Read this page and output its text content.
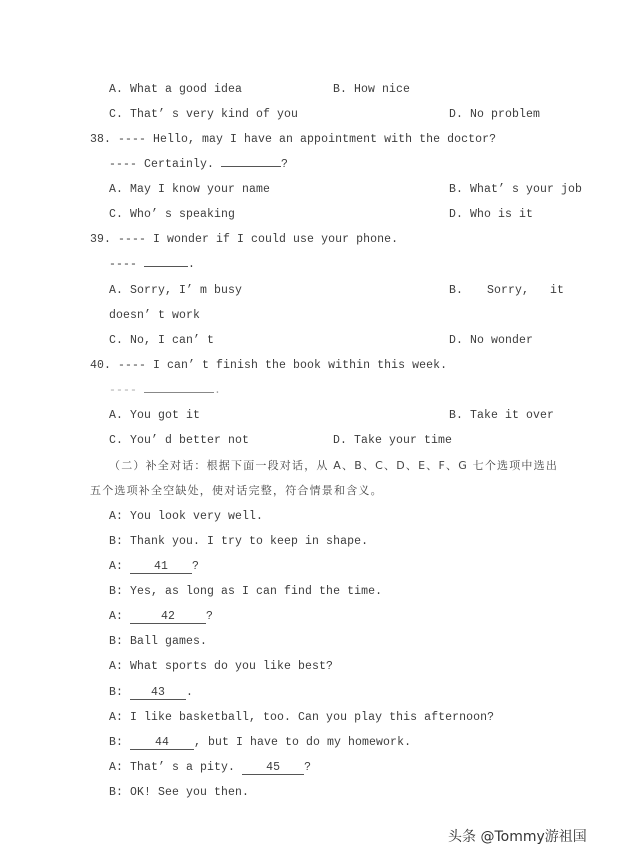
A. What a good idea	B. How nice
C. That’ s very kind of you	D. No problem
38. ---- Hello, may I have an appointment with the doctor?
---- Certainly.	?
A. May I know your name	B. What’ s your job
C. Who’ s speaking	D. Who is it
39. ---- I wonder if I could use your phone.
----	.
A. Sorry, I’ m busy	B. Sorry, it
doesn’ t work
C. No, I can’ t	D. No wonder
40. ---- I can’ t finish the book within this week.
----	.
A. You got it	B. Take it over
C. You’ d better not	D. Take your time
（二）补全对话：根据下面一段对话，从 A、B、C、D、E、F、G 七个选项中选出
五个选项补全空缺处，使对话完整，符合情景和含义。
A: You look very well.
B: Thank you. I try to keep in shape.
A:	41 ?
B: Yes, as long as I can find the time.
A:	42	?
B: Ball games.
A: What sports do you like best?
B: 43 .
A: I like basketball, too. Can you play this afternoon?
B:	44 , but I have to do my homework.
A: That’ s a pity.	45 ?
B: OK! See you then.
头条 @Tommy游祖国
